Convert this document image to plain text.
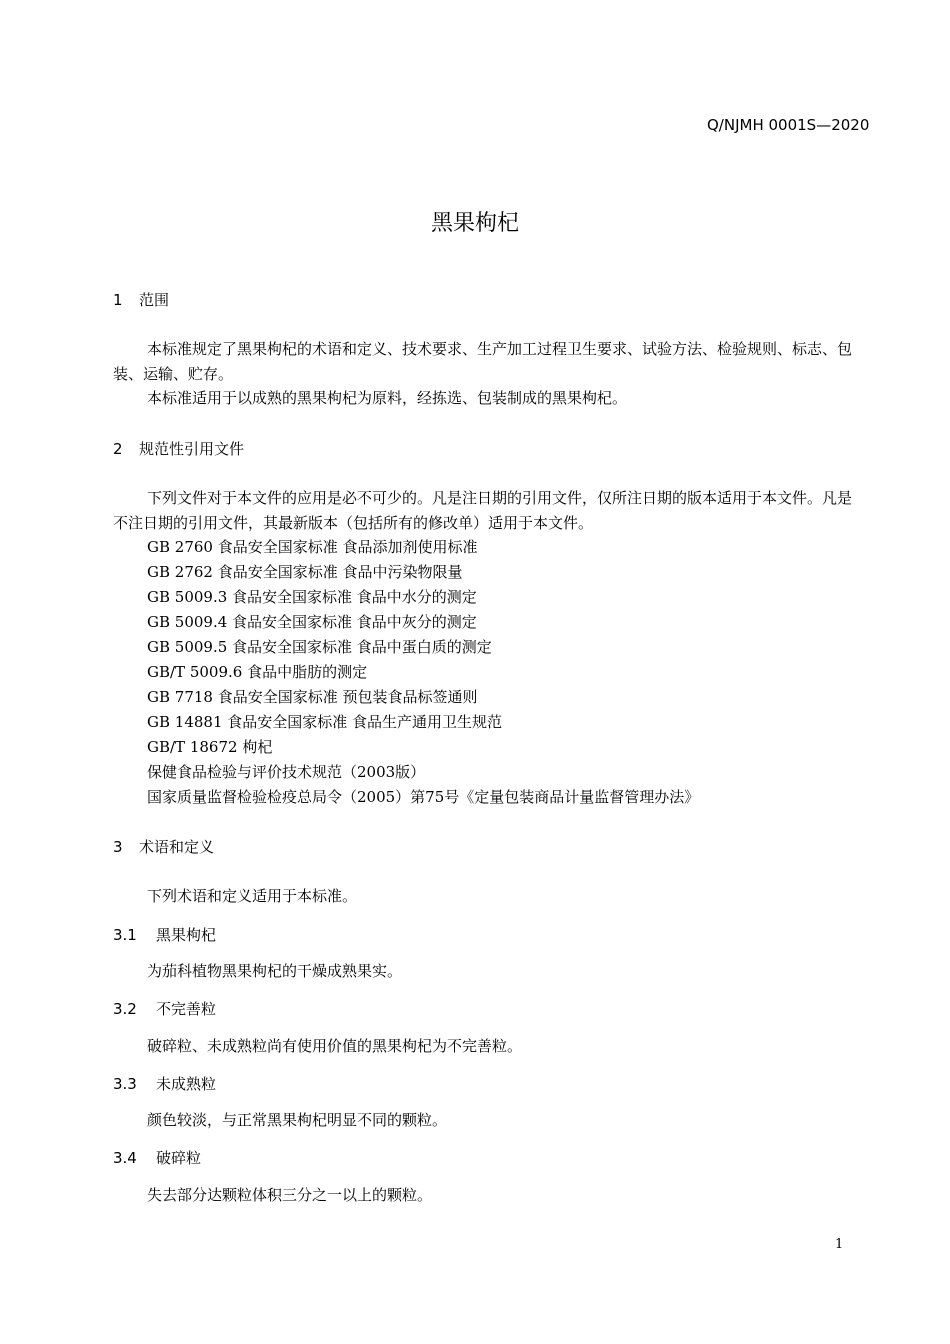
Q/NJMH 0001S—2020
黑果枸杞
1 范围
本标准规定了黑果枸杞的术语和定义、技术要求、生产加工过程卫生要求、试验方法、检验规则、标志、包装、运输、贮存。
本标准适用于以成熟的黑果枸杞为原料，经拣选、包装制成的黑果枸杞。
2 规范性引用文件
下列文件对于本文件的应用是必不可少的。凡是注日期的引用文件，仅所注日期的版本适用于本文件。凡是不注日期的引用文件，其最新版本（包括所有的修改单）适用于本文件。
GB 2760 食品安全国家标准 食品添加剂使用标准
GB 2762 食品安全国家标准 食品中污染物限量
GB 5009.3 食品安全国家标准 食品中水分的测定
GB 5009.4 食品安全国家标准 食品中灰分的测定
GB 5009.5 食品安全国家标准 食品中蛋白质的测定
GB/T 5009.6 食品中脂肪的测定
GB 7718 食品安全国家标准 预包装食品标签通则
GB 14881 食品安全国家标准 食品生产通用卫生规范
GB/T 18672 枸杞
保健食品检验与评价技术规范（2003版）
国家质量监督检验检疫总局令（2005）第75号《定量包装商品计量监督管理办法》
3 术语和定义
下列术语和定义适用于本标准。
3.1 黑果枸杞
为茄科植物黑果枸杞的干燥成熟果实。
3.2 不完善粒
破碎粒、未成熟粒尚有使用价值的黑果枸杞为不完善粒。
3.3 未成熟粒
颜色较淡，与正常黑果枸杞明显不同的颗粒。
3.4 破碎粒
失去部分达颗粒体积三分之一以上的颗粒。
1
